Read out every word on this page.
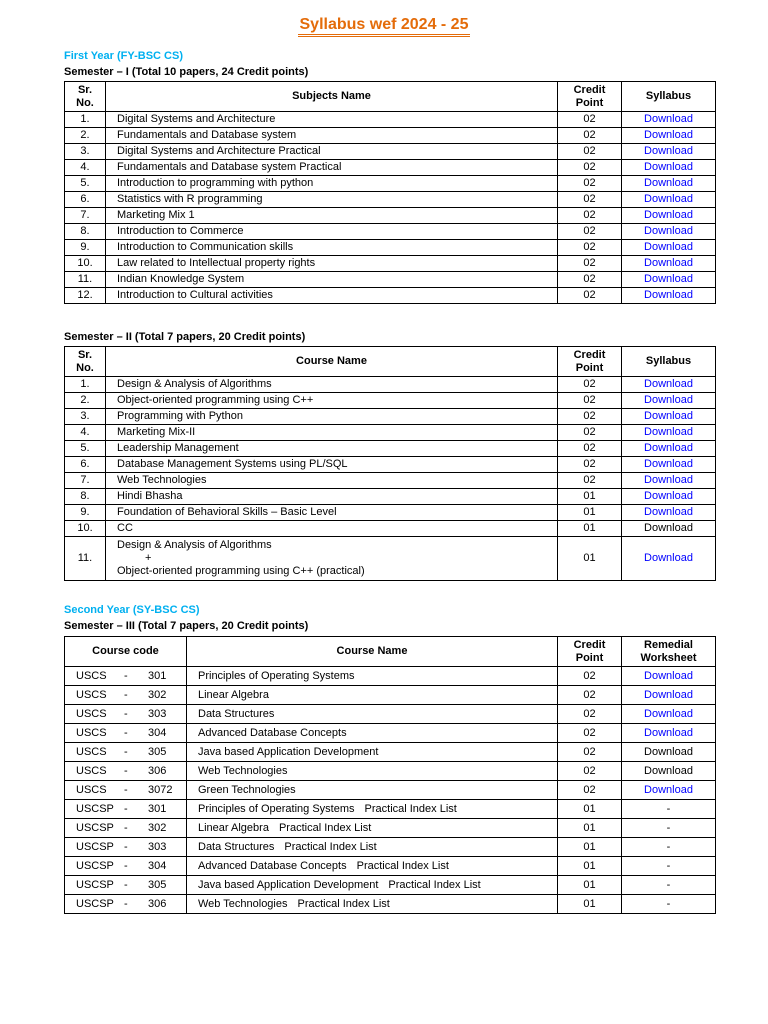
Syllabus wef 2024 - 25
First Year (FY-BSC CS)
Semester – I (Total 10 papers, 24 Credit points)
Sr. No.	Subjects Name	Credit Point	Syllabus
1.	Digital Systems and Architecture	02	Download
2.	Fundamentals and Database system	02	Download
3.	Digital Systems and Architecture Practical	02	Download
4.	Fundamentals and Database system Practical	02	Download
5.	Introduction to programming with python	02	Download
6.	Statistics with R programming	02	Download
7.	Marketing Mix 1	02	Download
8.	Introduction to Commerce	02	Download
9.	Introduction to Communication skills	02	Download
10.	Law related to Intellectual property rights	02	Download
11.	Indian Knowledge System	02	Download
12.	Introduction to Cultural activities	02	Download
Semester – II (Total 7 papers, 20 Credit points)
Sr. No.	Course Name	Credit Point	Syllabus
1.	Design & Analysis of Algorithms	02	Download
2.	Object-oriented programming using C++	02	Download
3.	Programming with Python	02	Download
4.	Marketing Mix-II	02	Download
5.	Leadership Management	02	Download
6.	Database Management Systems using PL/SQL	02	Download
7.	Web Technologies	02	Download
8.	Hindi Bhasha	01	Download
9.	Foundation of Behavioral Skills – Basic Level	01	Download
10.	CC	01	Download
11.	Design & Analysis of Algorithms
+
Object-oriented programming using C++ (practical)	01	Download
Second Year (SY-BSC CS)
Semester – III (Total 7 papers, 20 Credit points)
Course code	Course Name	Credit Point	Remedial Worksheet

USCS - 301	Principles of Operating Systems	02	Download

USCS - 302	Linear Algebra	02	Download

USCS - 303	Data Structures	02	Download

USCS - 304	Advanced Database Concepts	02	Download

USCS - 305	Java based Application Development	02	Download

USCS - 306	Web Technologies	02	Download

USCS - 3072	Green Technologies	02	Download

USCSP - 301	Principles of Operating Systems Practical Index List	01	-

USCSP - 302	Linear Algebra Practical Index List	01	-

USCSP - 303	Data Structures Practical Index List	01	-

USCSP - 304	Advanced Database Concepts Practical Index List	01	-

USCSP - 305	Java based Application Development Practical Index List	01	-

USCSP - 306	Web Technologies Practical Index List	01	-
